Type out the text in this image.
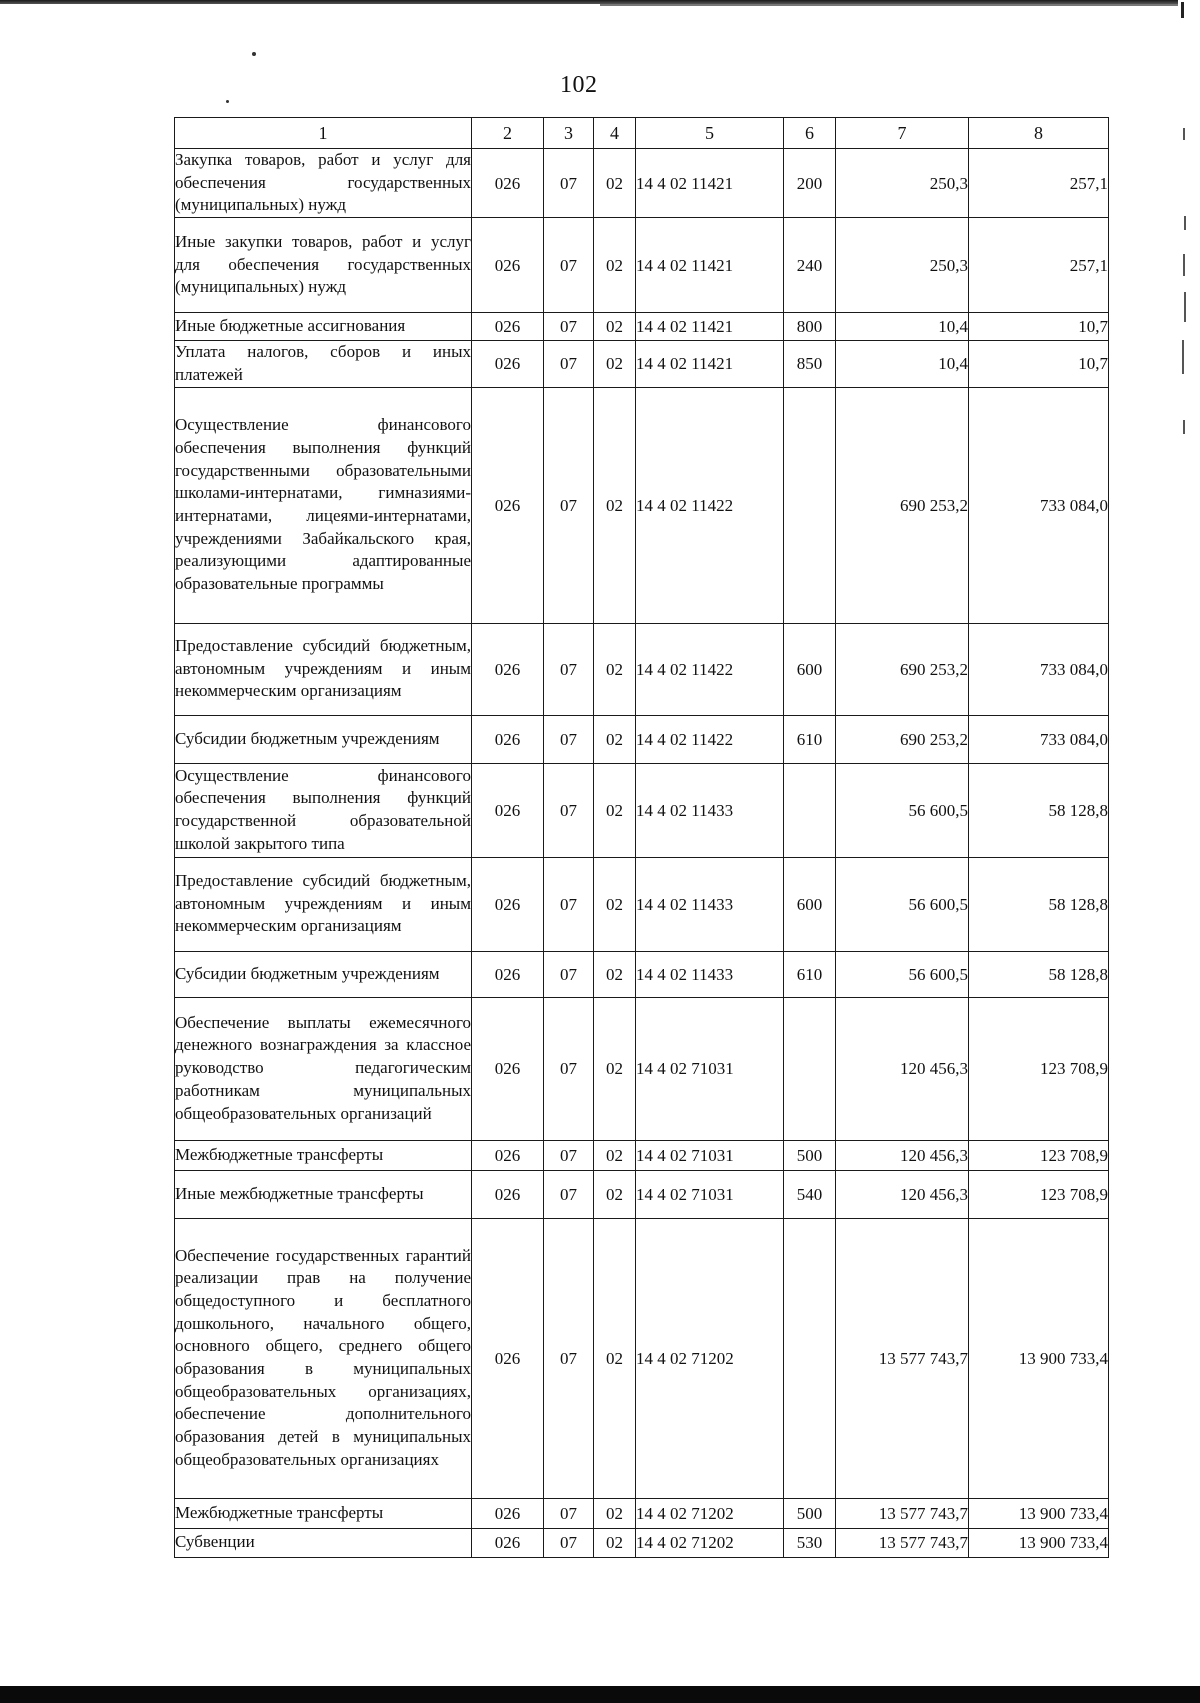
102
1	2	3	4	5	6	7	8
Закупка товаров, работ и услуг для обеспечения государственных (муниципальных) нужд	026	07	02	14 4 02 11421	200	250,3	257,1
Иные закупки товаров, работ и услуг для обеспечения государственных (муниципальных) нужд	026	07	02	14 4 02 11421	240	250,3	257,1
Иные бюджетные ассигнования	026	07	02	14 4 02 11421	800	10,4	10,7
Уплата налогов, сборов и иных платежей	026	07	02	14 4 02 11421	850	10,4	10,7
Осуществление финансового обеспечения выполнения функций государственными образовательными школами-интернатами, гимназиями-интернатами, лицеями-интернатами, учреждениями Забайкальского края, реализующими адаптированные образовательные программы	026	07	02	14 4 02 11422		690 253,2	733 084,0
Предоставление субсидий бюджетным, автономным учреждениям и иным некоммерческим организациям	026	07	02	14 4 02 11422	600	690 253,2	733 084,0
Субсидии бюджетным учреждениям	026	07	02	14 4 02 11422	610	690 253,2	733 084,0
Осуществление финансового обеспечения выполнения функций государственной образовательной школой закрытого типа	026	07	02	14 4 02 11433		56 600,5	58 128,8
Предоставление субсидий бюджетным, автономным учреждениям и иным некоммерческим организациям	026	07	02	14 4 02 11433	600	56 600,5	58 128,8
Субсидии бюджетным учреждениям	026	07	02	14 4 02 11433	610	56 600,5	58 128,8
Обеспечение выплаты ежемесячного денежного вознаграждения за классное руководство педагогическим работникам муниципальных общеобразовательных организаций	026	07	02	14 4 02 71031		120 456,3	123 708,9
Межбюджетные трансферты	026	07	02	14 4 02 71031	500	120 456,3	123 708,9
Иные межбюджетные трансферты	026	07	02	14 4 02 71031	540	120 456,3	123 708,9
Обеспечение государственных гарантий реализации прав на получение общедоступного и бесплатного дошкольного, начального общего, основного общего, среднего общего образования в муниципальных общеобразовательных организациях, обеспечение дополнительного образования детей в муниципальных общеобразовательных организациях	026	07	02	14 4 02 71202		13 577 743,7	13 900 733,4
Межбюджетные трансферты	026	07	02	14 4 02 71202	500	13 577 743,7	13 900 733,4
Субвенции	026	07	02	14 4 02 71202	530	13 577 743,7	13 900 733,4
